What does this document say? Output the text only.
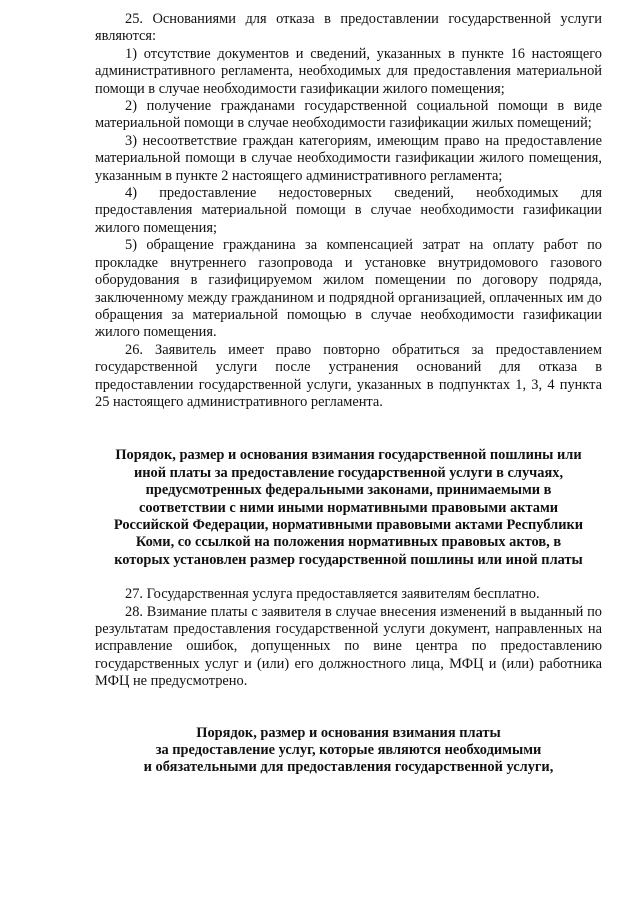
25. Основаниями для отказа в предоставлении государственной услуги являются:

1) отсутствие документов и сведений, указанных в пункте 16 настоящего административного регламента, необходимых для предоставления материальной помощи в случае необходимости газификации жилого помещения;

2) получение гражданами государственной социальной помощи в виде материальной помощи в случае необходимости газификации жилых помещений;

3) несоответствие граждан категориям, имеющим право на предоставление материальной помощи в случае необходимости газификации жилого помещения, указанным в пункте 2 настоящего административного регламента;

4) предоставление недостоверных сведений, необходимых для предоставления материальной помощи в случае необходимости газификации жилого помещения;

5) обращение гражданина за компенсацией затрат на оплату работ по прокладке внутреннего газопровода и установке внутридомового газового оборудования в газифицируемом жилом помещении по договору подряда, заключенному между гражданином и подрядной организацией, оплаченных им до обращения за материальной помощью в случае необходимости газификации жилого помещения.

26. Заявитель имеет право повторно обратиться за предоставлением государственной услуги после устранения оснований для отказа в предоставлении государственной услуги, указанных в подпунктах 1, 3, 4 пункта 25 настоящего административного регламента.

Порядок, размер и основания взимания государственной пошлины или
иной платы за предоставление государственной услуги в случаях,
предусмотренных федеральными законами, принимаемыми в
соответствии с ними иными нормативными правовыми актами
Российской Федерации, нормативными правовыми актами Республики
Коми, со ссылкой на положения нормативных правовых актов, в
которых установлен размер государственной пошлины или иной платы

27. Государственная услуга предоставляется заявителям бесплатно.

28. Взимание платы с заявителя в случае внесения изменений в выданный по результатам предоставления государственной услуги документ, направленных на исправление ошибок, допущенных по вине центра по предоставлению государственных услуг и (или) его должностного лица, МФЦ и (или) работника МФЦ не предусмотрено.

Порядок, размер и основания взимания платы
за предоставление услуг, которые являются необходимыми
и обязательными для предоставления государственной услуги,
